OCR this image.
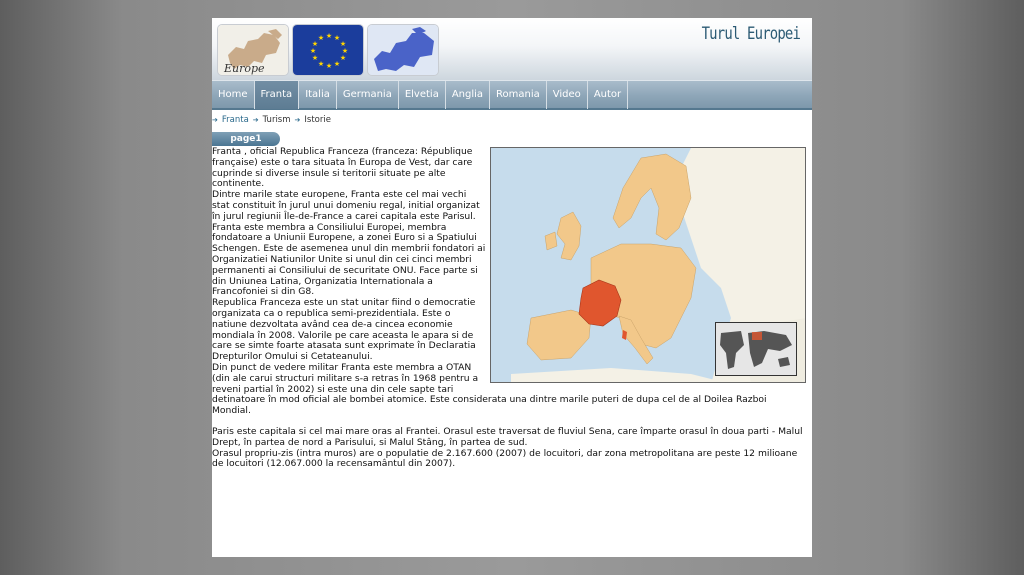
Europe
★ ★
★
★
★
★
★
★
★
★
★
★	Turul Europei
Home	Franta	Italia	Germania	Elvetia	Anglia	Romania	Video	Autor
➔ Franta ➔ Turism ➔ Istorie
page1

Franta , oficial Republica Franceza (franceza: République française) este o tara situata în Europa de Vest, dar care cuprinde si diverse insule si teritorii situate pe alte continente.

Dintre marile state europene, Franta este cel mai vechi stat constituit în jurul unui domeniu regal, initial organizat în jurul regiunii Île-de-France a carei capitala este Parisul. Franta este membra a Consiliului Europei, membra fondatoare a Uniunii Europene, a zonei Euro si a Spatiului Schengen. Este de asemenea unul din membrii fondatori ai Organizatiei Natiunilor Unite si unul din cei cinci membri permanenti ai Consiliului de securitate ONU. Face parte si din Uniunea Latina, Organizatia Internationala a Francofoniei si din G8.

Republica Franceza este un stat unitar fiind o democratie organizata ca o republica semi-prezidentiala. Este o natiune dezvoltata având cea de-a cincea economie mondiala în 2008. Valorile pe care aceasta le apara si de care se simte foarte atasata sunt exprimate în Declaratia Drepturilor Omului si Cetateanului.

Din punct de vedere militar Franta este membra a OTAN (din ale carui structuri militare s-a retras în 1968 pentru a reveni partial în 2002) si este una din cele sapte tari detinatoare în mod oficial ale bombei atomice. Este considerata una dintre marile puteri de dupa cel de al Doilea Razboi Mondial.

Paris este capitala si cel mai mare oras al Frantei. Orasul este traversat de fluviul Sena, care împarte orasul în doua parti - Malul Drept, în partea de nord a Parisului, si Malul Stâng, în partea de sud.

Orasul propriu-zis (intra muros) are o populatie de 2.167.600 (2007) de locuitori, dar zona metropolitana are peste 12 milioane de locuitori (12.067.000 la recensamântul din 2007).
